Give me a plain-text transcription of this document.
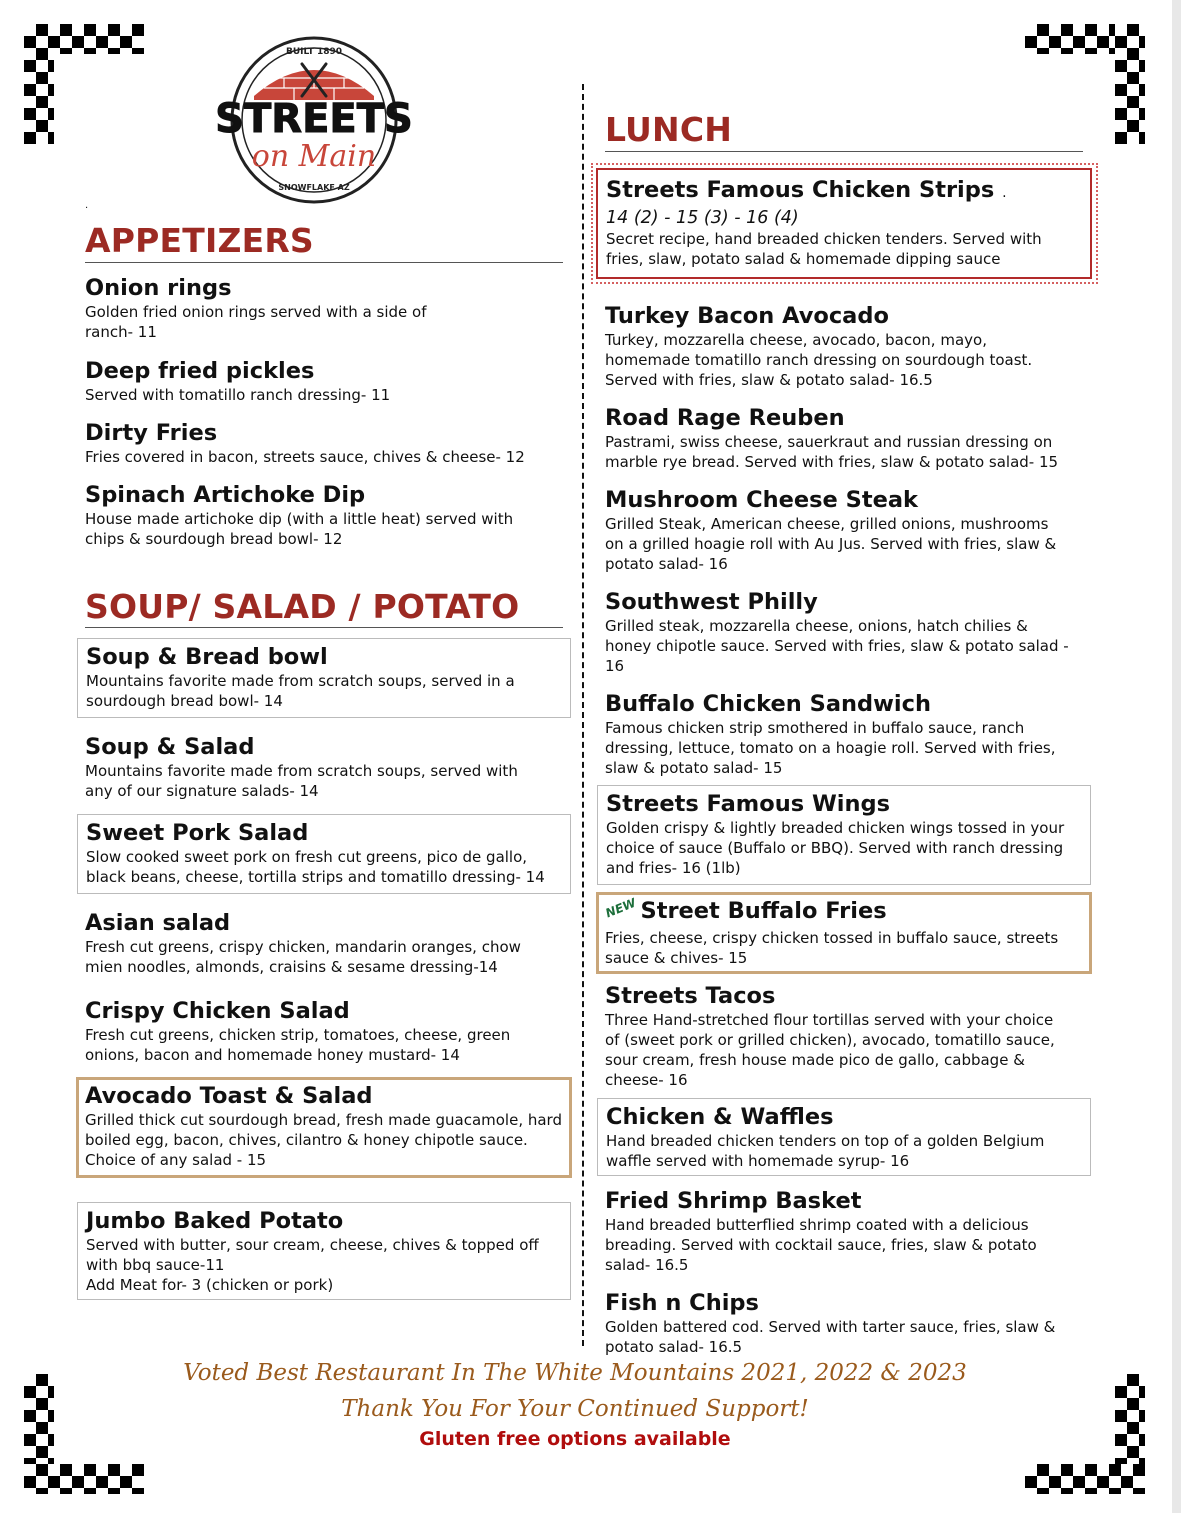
BUILT 1890
STREETS
on Main
SNOWFLAKE AZ
.
APPETIZERS
Onion rings
Golden fried onion rings served with a side of ranch- 11
Deep fried pickles
Served with tomatillo ranch dressing- 11
Dirty Fries
Fries covered in bacon, streets sauce, chives & cheese- 12
Spinach Artichoke Dip
House made artichoke dip (with a little heat) served with chips & sourdough bread bowl- 12
SOUP/ SALAD / POTATO
Soup & Bread bowl
Mountains favorite made from scratch soups, served in a sourdough bread bowl- 14
Soup & Salad
Mountains favorite made from scratch soups, served with any of our signature salads- 14
Sweet Pork Salad
Slow cooked sweet pork on fresh cut greens, pico de gallo, black beans, cheese, tortilla strips and tomatillo dressing- 14
Asian salad
Fresh cut greens, crispy chicken, mandarin oranges, chow mien noodles, almonds, craisins & sesame dressing-14
Crispy Chicken Salad
Fresh cut greens, chicken strip, tomatoes, cheese, green onions, bacon and homemade honey mustard- 14
Avocado Toast & Salad
Grilled thick cut sourdough bread, fresh made guacamole, hard boiled egg, bacon, chives, cilantro & honey chipotle sauce. Choice of any salad - 15
Jumbo Baked Potato
Served with butter, sour cream, cheese, chives & topped off with bbq sauce-11
Add Meat for- 3 (chicken or pork)
LUNCH
Streets Famous Chicken Strips .
14 (2) - 15 (3) - 16 (4)
Secret recipe, hand breaded chicken tenders. Served with fries, slaw, potato salad & homemade dipping sauce
Turkey Bacon Avocado
Turkey, mozzarella cheese, avocado, bacon, mayo, homemade tomatillo ranch dressing on sourdough toast. Served with fries, slaw & potato salad- 16.5
Road Rage Reuben
Pastrami, swiss cheese, sauerkraut and russian dressing on marble rye bread. Served with fries, slaw & potato salad- 15
Mushroom Cheese Steak
Grilled Steak, American cheese, grilled onions, mushrooms on a grilled hoagie roll with Au Jus. Served with fries, slaw & potato salad- 16
Southwest Philly
Grilled steak, mozzarella cheese, onions, hatch chilies & honey chipotle sauce. Served with fries, slaw & potato salad - 16
Buffalo Chicken Sandwich
Famous chicken strip smothered in buffalo sauce, ranch dressing, lettuce, tomato on a hoagie roll. Served with fries, slaw & potato salad- 15
Streets Famous Wings
Golden crispy & lightly breaded chicken wings tossed in your choice of sauce (Buffalo or BBQ). Served with ranch dressing and fries- 16 (1lb)
NEW Street Buffalo Fries
Fries, cheese, crispy chicken tossed in buffalo sauce, streets sauce & chives- 15
Streets Tacos
Three Hand-stretched flour tortillas served with your choice of (sweet pork or grilled chicken), avocado, tomatillo sauce, sour cream, fresh house made pico de gallo, cabbage & cheese- 16
Chicken & Waffles
Hand breaded chicken tenders on top of a golden Belgium waffle served with homemade syrup- 16
Fried Shrimp Basket
Hand breaded butterflied shrimp coated with a delicious breading. Served with cocktail sauce, fries, slaw & potato salad- 16.5
Fish n Chips
Golden battered cod. Served with tarter sauce, fries, slaw & potato salad- 16.5
Voted Best Restaurant In The White Mountains 2021, 2022 & 2023
Thank You For Your Continued Support!
Gluten free options available
